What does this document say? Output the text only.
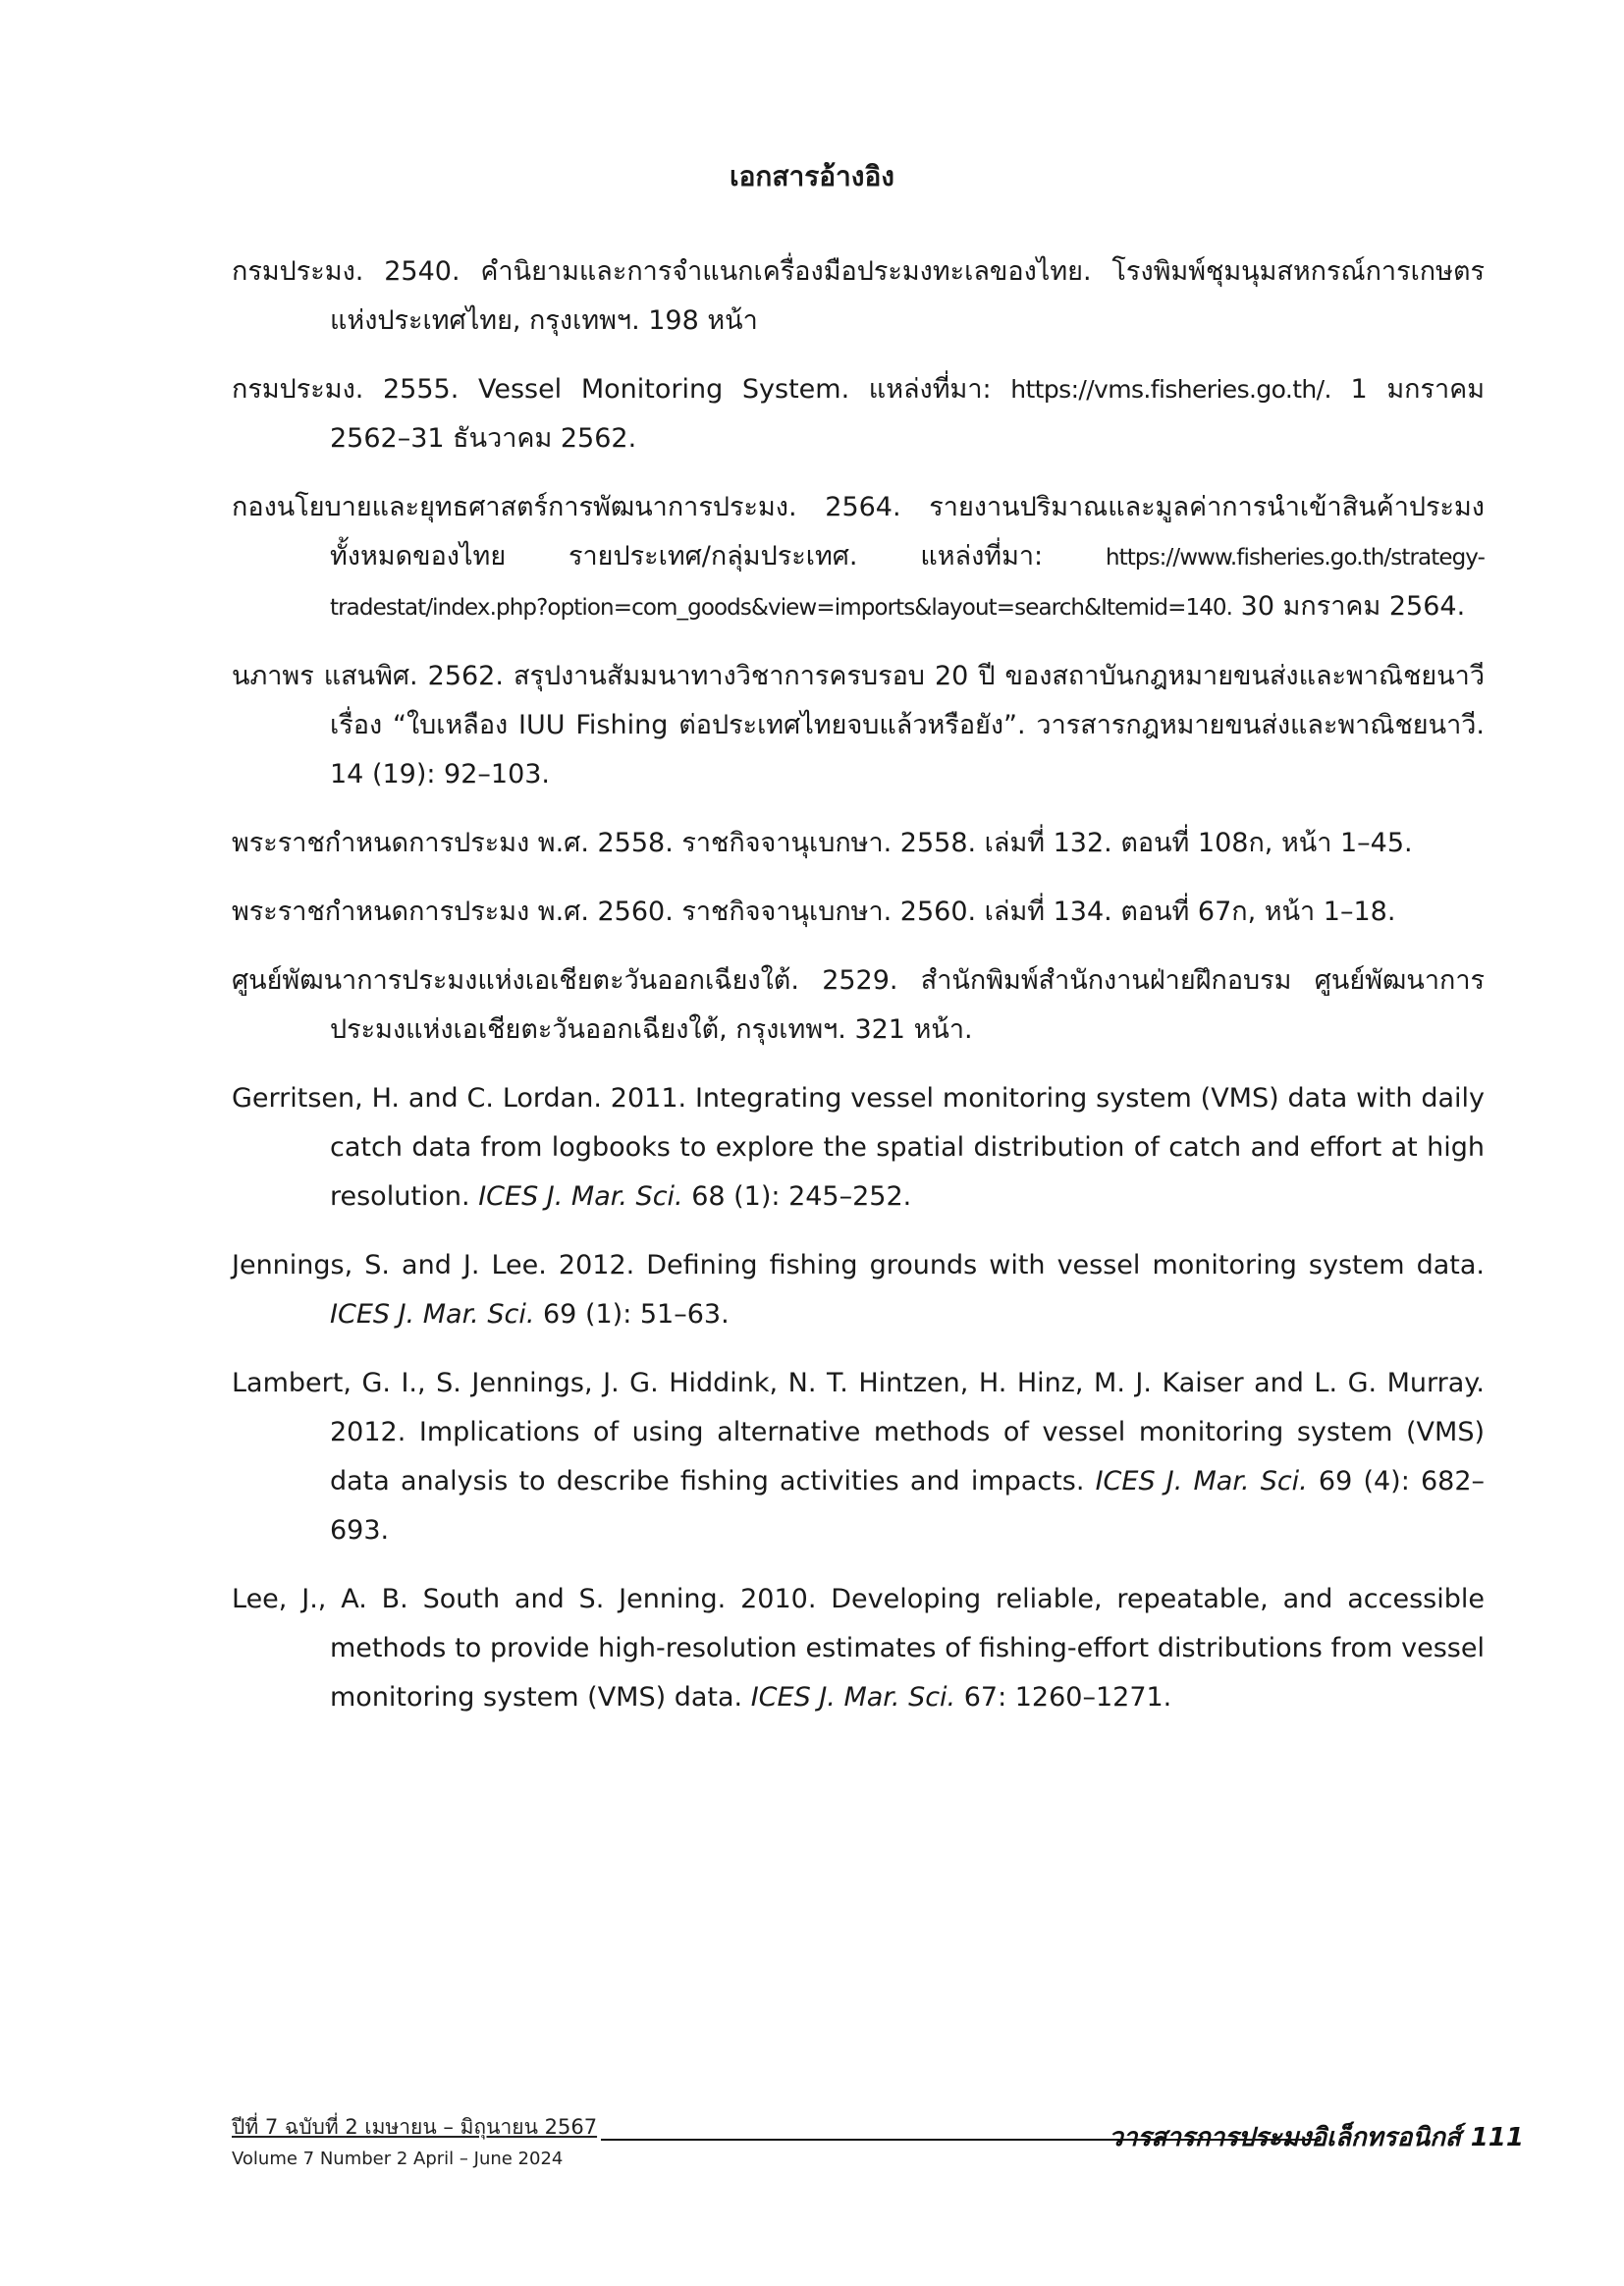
เอกสารอ้างอิง
กรมประมง. 2540. คำนิยามและการจำแนกเครื่องมือประมงทะเลของไทย. โรงพิมพ์ชุมนุมสหกรณ์การเกษตรแห่งประเทศไทย, กรุงเทพฯ. 198 หน้า
กรมประมง. 2555. Vessel Monitoring System. แหล่งที่มา: https://vms.fisheries.go.th/. 1 มกราคม 2562–31 ธันวาคม 2562.
กองนโยบายและยุทธศาสตร์การพัฒนาการประมง. 2564. รายงานปริมาณและมูลค่าการนำเข้าสินค้าประมงทั้งหมดของไทย รายประเทศ/กลุ่มประเทศ. แหล่งที่มา: https://www.fisheries.go.th/strategy-tradestat/index.php?option=com_goods&view=imports&layout=search&Itemid=140. 30 มกราคม 2564.
นภาพร แสนพิศ. 2562. สรุปงานสัมมนาทางวิชาการครบรอบ 20 ปี ของสถาบันกฎหมายขนส่งและพาณิชยนาวี เรื่อง “ใบเหลือง IUU Fishing ต่อประเทศไทยจบแล้วหรือยัง”. วารสารกฎหมายขนส่งและพาณิชยนาวี. 14 (19): 92–103.
พระราชกำหนดการประมง พ.ศ. 2558. ราชกิจจานุเบกษา. 2558. เล่มที่ 132. ตอนที่ 108ก, หน้า 1–45.
พระราชกำหนดการประมง พ.ศ. 2560. ราชกิจจานุเบกษา. 2560. เล่มที่ 134. ตอนที่ 67ก, หน้า 1–18.
ศูนย์พัฒนาการประมงแห่งเอเชียตะวันออกเฉียงใต้. 2529. สำนักพิมพ์สำนักงานฝ่ายฝึกอบรม ศูนย์พัฒนาการประมงแห่งเอเชียตะวันออกเฉียงใต้, กรุงเทพฯ. 321 หน้า.
Gerritsen, H. and C. Lordan. 2011. Integrating vessel monitoring system (VMS) data with daily catch data from logbooks to explore the spatial distribution of catch and effort at high resolution. ICES J. Mar. Sci. 68 (1): 245–252.
Jennings, S. and J. Lee. 2012. Defining fishing grounds with vessel monitoring system data. ICES J. Mar. Sci. 69 (1): 51–63.
Lambert, G. I., S. Jennings, J. G. Hiddink, N. T. Hintzen, H. Hinz, M. J. Kaiser and L. G. Murray. 2012. Implications of using alternative methods of vessel monitoring system (VMS) data analysis to describe fishing activities and impacts. ICES J. Mar. Sci. 69 (4): 682–693.
Lee, J., A. B. South and S. Jenning. 2010. Developing reliable, repeatable, and accessible methods to provide high-resolution estimates of fishing-effort distributions from vessel monitoring system (VMS) data. ICES J. Mar. Sci. 67: 1260–1271.
ปีที่ 7 ฉบับที่ 2 เมษายน – มิถุนายน 2567
Volume 7 Number 2 April – June 2024
วารสารการประมงอิเล็กทรอนิกส์ 111
